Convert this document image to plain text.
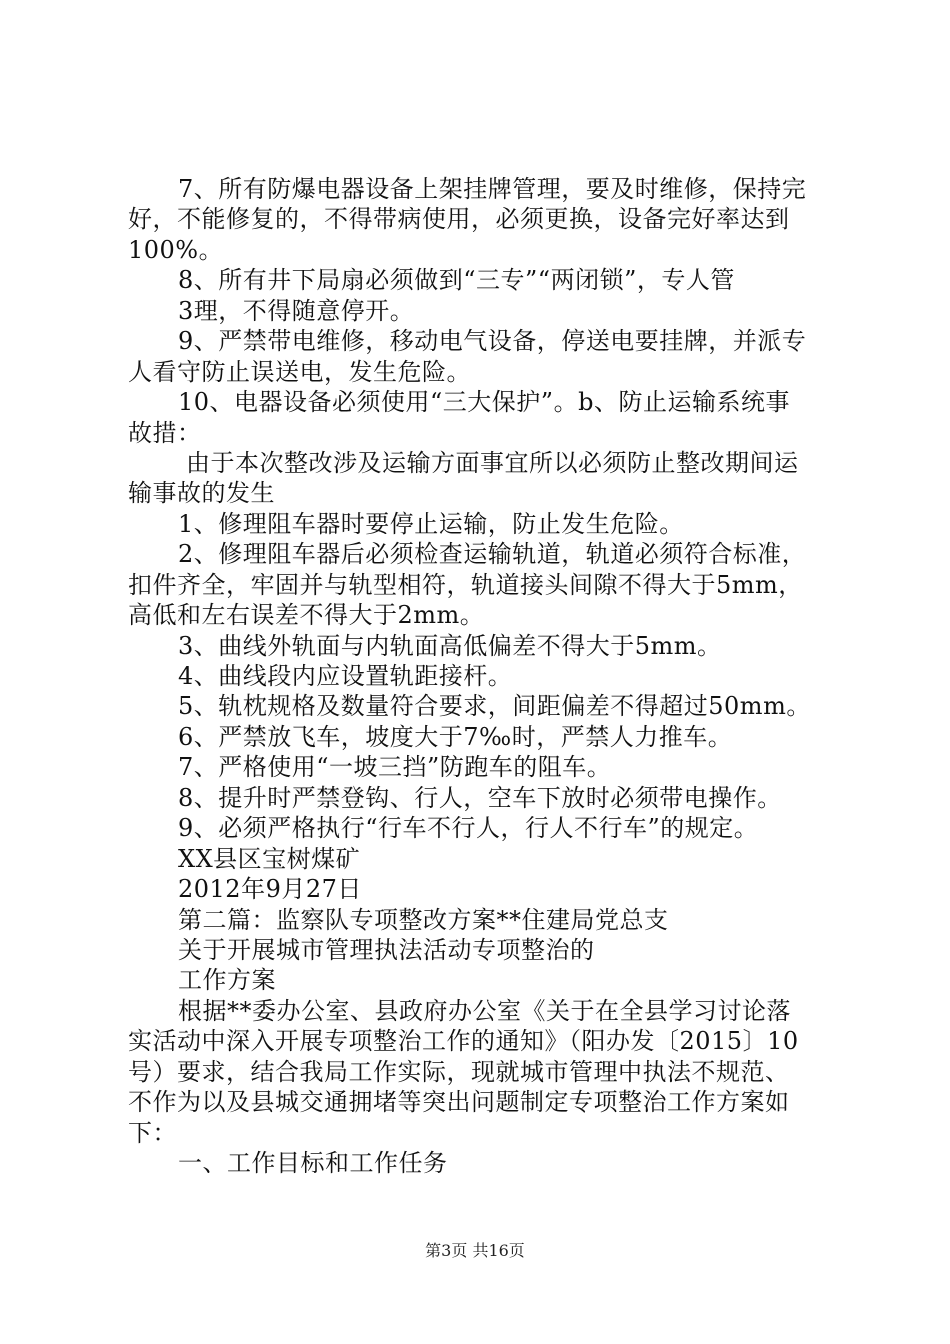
7、所有防爆电器设备上架挂牌管理，要及时维修，保持完
好，不能修复的，不得带病使用，必须更换，设备完好率达到
100%。
8、所有井下局扇必须做到“三专”“两闭锁”，专人管
3理，不得随意停开。
9、严禁带电维修，移动电气设备，停送电要挂牌，并派专
人看守防止误送电，发生危险。
10、电器设备必须使用“三大保护”。b、防止运输系统事
故措：
由于本次整改涉及运输方面事宜所以必须防止整改期间运
输事故的发生
1、修理阻车器时要停止运输，防止发生危险。
2、修理阻车器后必须检查运输轨道，轨道必须符合标准，
扣件齐全，牢固并与轨型相符，轨道接头间隙不得大于5mm，
高低和左右误差不得大于2mm。
3、曲线外轨面与内轨面高低偏差不得大于5mm。
4、曲线段内应设置轨距接杆。
5、轨枕规格及数量符合要求，间距偏差不得超过50mm。
6、严禁放飞车，坡度大于7‰时，严禁人力推车。
7、严格使用“一坡三挡”防跑车的阻车。
8、提升时严禁登钩、行人，空车下放时必须带电操作。
9、必须严格执行“行车不行人，行人不行车”的规定。
XX县区宝树煤矿
2012年9月27日
第二篇：监察队专项整改方案**住建局党总支
关于开展城市管理执法活动专项整治的
工作方案
根据**委办公室、县政府办公室《关于在全县学习讨论落
实活动中深入开展专项整治工作的通知》（阳办发〔2015〕10
号）要求，结合我局工作实际，现就城市管理中执法不规范、
不作为以及县城交通拥堵等突出问题制定专项整治工作方案如
下：
一、工作目标和工作任务
第3页 共16页
